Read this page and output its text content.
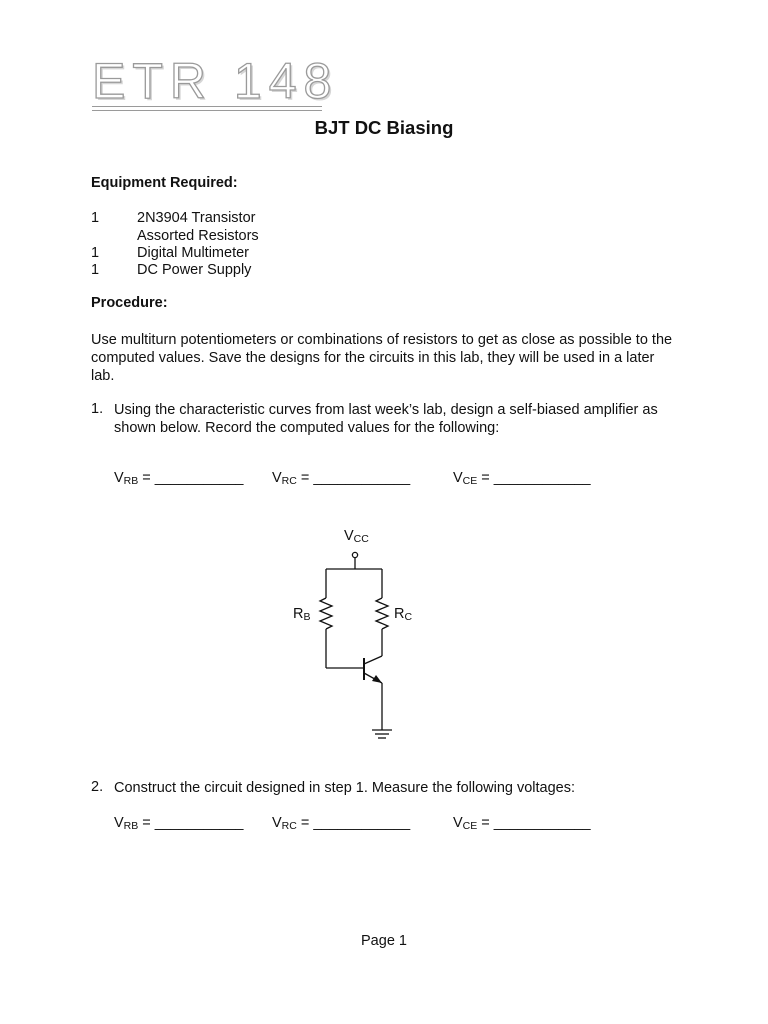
ETR 148
BJT DC Biasing
Equipment Required:
1	2N3904 Transistor
Assorted Resistors
1	Digital Multimeter
1	DC Power Supply
Procedure:

Use multiturn potentiometers or combinations of resistors to get as close as possible to the computed values. Save the designs for the circuits in this lab, they will be used in a later lab.

1. Using the characteristic curves from last week’s lab, design a self-biased amplifier as shown below. Record the computed values for the following:

$V_{RB}$ = ___________ $V_{RC}$ = ____________	$V_{CE}$ = ____________
$V_{CC}$
$R_B$	$R_C$
2. Construct the circuit designed in step 1. Measure the following voltages:

$V_{RB}$ = ___________ $V_{RC}$ = ____________	$V_{CE}$ = ____________
Page 1
